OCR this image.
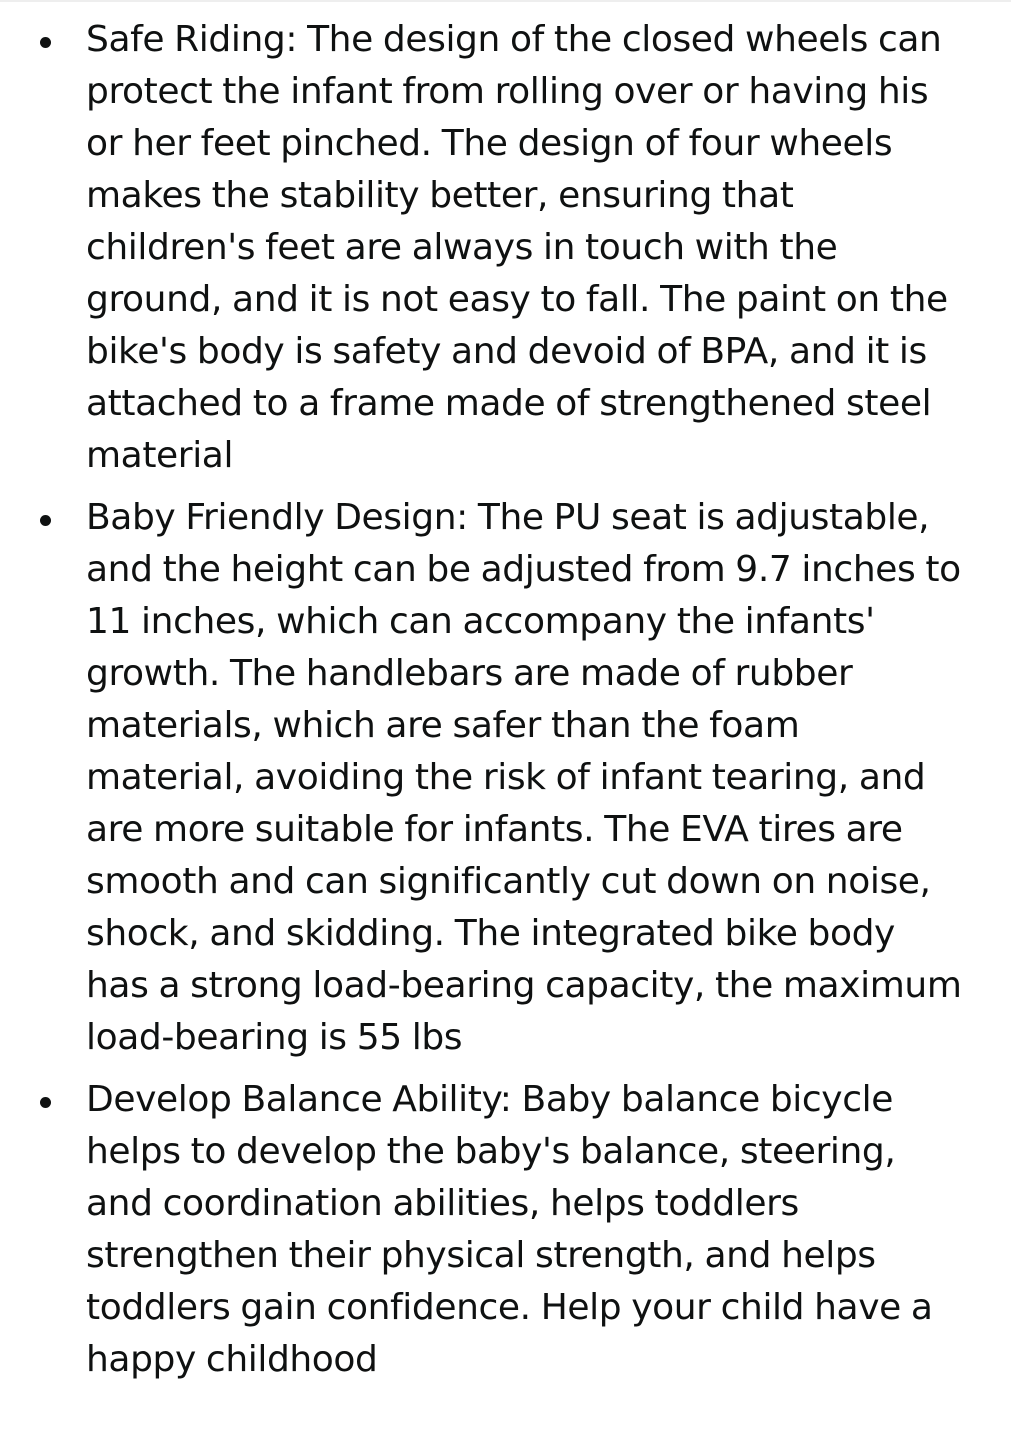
Safe Riding: The design of the closed wheels can protect the infant from rolling over or having his or her feet pinched. The design of four wheels makes the stability better, ensuring that children's feet are always in touch with the ground, and it is not easy to fall. The paint on the bike's body is safety and devoid of BPA, and it is attached to a frame made of strengthened steel material
Baby Friendly Design: The PU seat is adjustable, and the height can be adjusted from 9.7 inches to 11 inches, which can accompany the infants' growth. The handlebars are made of rubber materials, which are safer than the foam material, avoiding the risk of infant tearing, and are more suitable for infants. The EVA tires are smooth and can significantly cut down on noise, shock, and skidding. The integrated bike body has a strong load-bearing capacity, the maximum load-bearing is 55 lbs
Develop Balance Ability: Baby balance bicycle helps to develop the baby's balance, steering, and coordination abilities, helps toddlers strengthen their physical strength, and helps toddlers gain confidence. Help your child have a happy childhood
